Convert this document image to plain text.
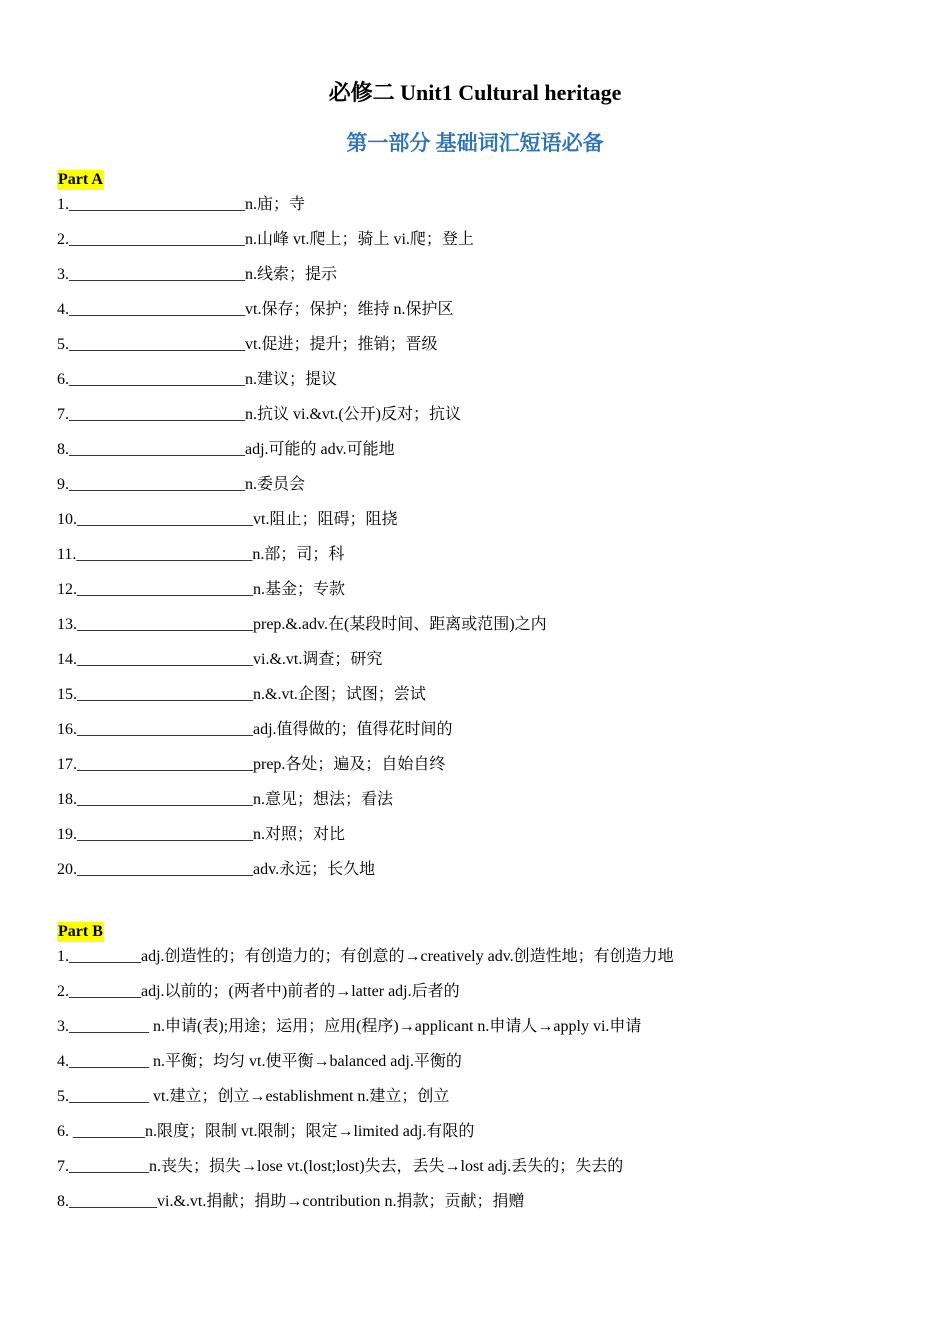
必修二 Unit1 Cultural heritage
第一部分 基础词汇短语必备
Part A
1.______________________n.庙；寺
2.______________________n.山峰 vt.爬上；骑上 vi.爬；登上
3.______________________n.线索；提示
4.______________________vt.保存；保护；维持 n.保护区
5.______________________vt.促进；提升；推销；晋级
6.______________________n.建议；提议
7.______________________n.抗议 vi.&vt.(公开)反对；抗议
8.______________________adj.可能的 adv.可能地
9.______________________n.委员会
10.______________________vt.阻止；阻碍；阻挠
11.______________________n.部；司；科
12.______________________n.基金；专款
13.______________________prep.&.adv.在(某段时间、距离或范围)之内
14.______________________vi.&.vt.调查；研究
15.______________________n.&.vt.企图；试图；尝试
16.______________________adj.值得做的；值得花时间的
17.______________________prep.各处；遍及；自始自终
18.______________________n.意见；想法；看法
19.______________________n.对照；对比
20.______________________adv.永远；长久地
Part B
1._________adj.创造性的；有创造力的；有创意的→creatively adv.创造性地；有创造力地
2._________adj.以前的；(两者中)前者的→latter adj.后者的
3.__________ n.申请(表);用途；运用；应用(程序)→applicant n.申请人→apply vi.申请
4.__________ n.平衡；均匀 vt.使平衡→balanced adj.平衡的
5.__________ vt.建立；创立→establishment n.建立；创立
6. _________n.限度；限制 vt.限制；限定→limited adj.有限的
7.__________n.丧失；损失→lose vt.(lost;lost)失去，丢失→lost adj.丢失的；失去的
8.___________vi.&.vt.捐献；捐助→contribution n.捐款；贡献；捐赠
